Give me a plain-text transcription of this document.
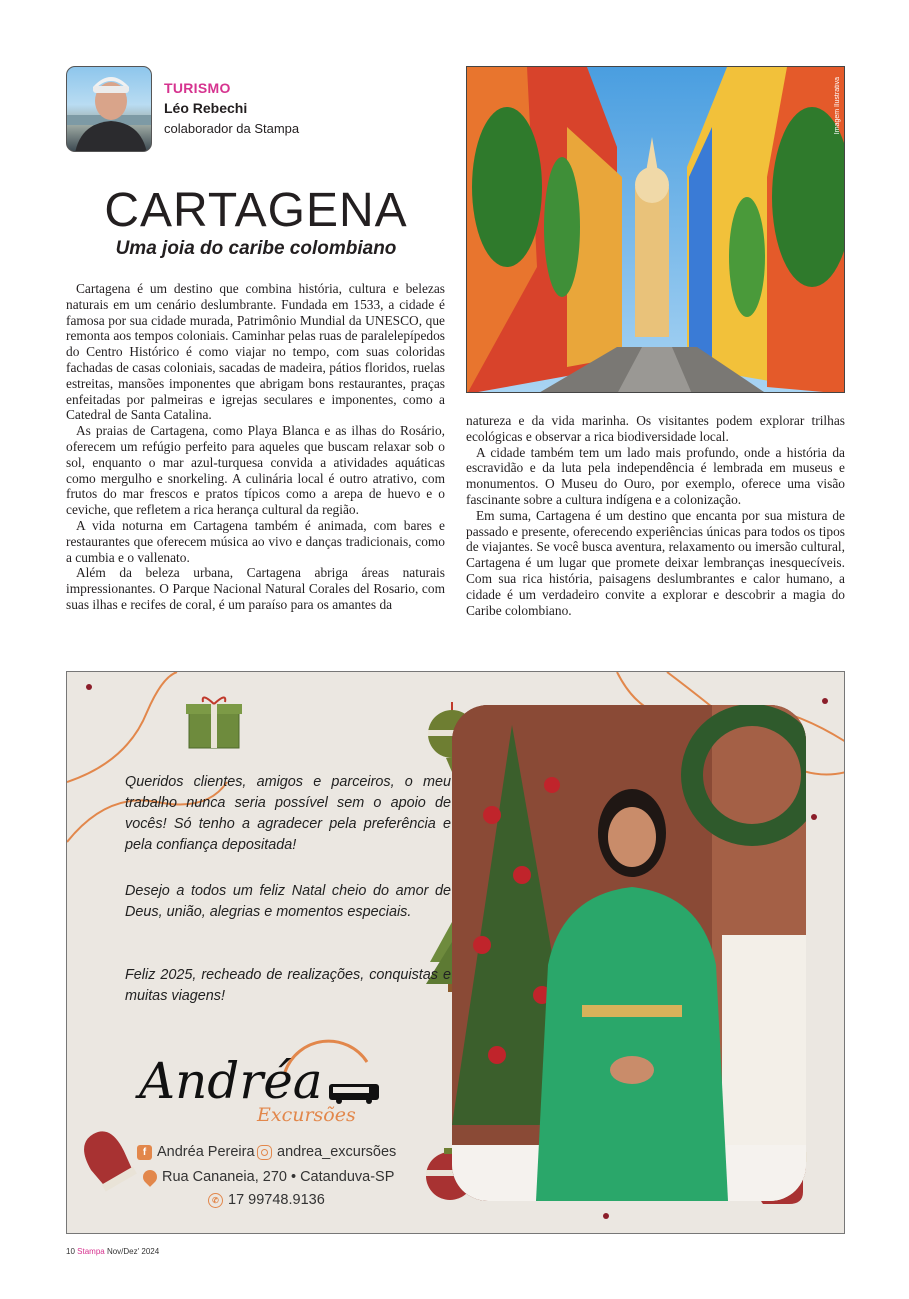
TURISMO
Léo Rebechi
colaborador da Stampa
CARTAGENA
Uma joia do caribe colombiano

Cartagena é um destino que combina história, cultura e belezas naturais em um cenário deslumbrante. Fundada em 1533, a cidade é famosa por sua cidade murada, Patrimônio Mundial da UNESCO, que remonta aos tempos coloniais. Caminhar pelas ruas de paralelepípedos do Centro Histórico é como viajar no tempo, com suas coloridas fachadas de casas coloniais, sacadas de madeira, pátios floridos, ruelas estreitas, mansões imponentes que abrigam bons restaurantes, praças enfeitadas por palmeiras e igrejas seculares e imponentes, como a Catedral de Santa Catalina.

As praias de Cartagena, como Playa Blanca e as ilhas do Rosário, oferecem um refúgio perfeito para aqueles que buscam relaxar sob o sol, enquanto o mar azul-turquesa convida a atividades aquáticas como mergulho e snorkeling. A culinária local é outro atrativo, com frutos do mar frescos e pratos típicos como a arepa de huevo e o ceviche, que refletem a rica herança cultural da região.

A vida noturna em Cartagena também é animada, com bares e restaurantes que oferecem música ao vivo e danças tradicionais, como a cumbia e o vallenato.

Além da beleza urbana, Cartagena abriga áreas naturais impressionantes. O Parque Nacional Natural Corales del Rosario, com suas ilhas e recifes de coral, é um paraíso para os amantes da

Imagem Ilustrativa

natureza e da vida marinha. Os visitantes podem explorar trilhas ecológicas e observar a rica biodiversidade local.

A cidade também tem um lado mais profundo, onde a história da escravidão e da luta pela independência é lembrada em museus e monumentos. O Museu do Ouro, por exemplo, oferece uma visão fascinante sobre a cultura indígena e a colonização.

Em suma, Cartagena é um destino que encanta por sua mistura de passado e presente, oferecendo experiências únicas para todos os tipos de viajantes. Se você busca aventura, relaxamento ou imersão cultural, Cartagena é um lugar que promete deixar lembranças inesquecíveis. Com sua rica história, paisagens deslumbrantes e calor humano, a cidade é um verdadeiro convite a explorar e descobrir a magia do Caribe colombiano.

Queridos clientes, amigos e parceiros, o meu trabalho nunca seria possível sem o apoio de vocês! Só tenho a agradecer pela preferência e pela confiança depositada!

Desejo a todos um feliz Natal cheio do amor de Deus, união, alegrias e momentos especiais.

Feliz 2025, recheado de realizações, conquistas e muitas viagens!

Andréa
Excursões
f Andréa Pereira andrea_excursões
Rua Cananeia, 270 • Catanduva-SP
✆ 17 99748.9136
10 Stampa Nov/Dez' 2024
